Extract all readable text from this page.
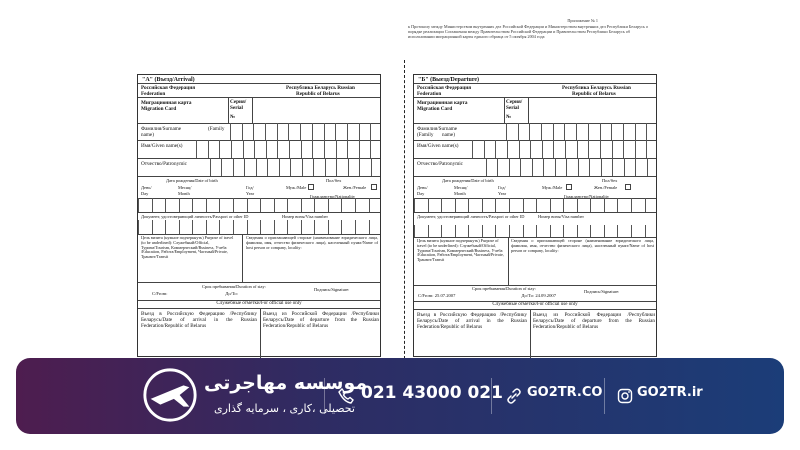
Приложение № 1
к Протоколу между Министерством внутренних дел Российской Федерации и Министерством внутренних дел Республики Беларусь о порядке реализации Соглашения между Правительством Российской Федерации и Правительством Республики Беларусь об использовании миграционной карты единого образца от 5 октября 2004 года
"А" (Въезд/Arrival)
Российская Федерация
Federation
Республика Беларусь Russian
Republic of Belarus
Миграционная карта
Migration Card
Серия/
Serial
№
Фамилия/Surname	(Family
name)
Имя/Given name(s)
Отчество/Patronymic
Дата рождения/Date of birth
День/
Day
Месяц/
Month
Год/
Year
Пол/Sex
Муж./Male	Жен./Female
Гражданство/Nationality
Документ, удостоверяющий личность/Passport or other ID	Номер визы/Visa number
Цель визита (нужное подчеркнуть) Purpose of travel (to be underlined): Служебный/Official, Туризм/Tourism, Коммерческий/Business, Учеба /Education, Работа/Employment, Частный/Private, Транзит/Transit
Сведения о приглашающей стороне (наименование юридического лица, фамилия, имя, отчество физического лица), населенный пункт/Name of host person or company, locality:
Срок пребывания/Duration of stay:
Подпись/Signature:
С/From:	До/To:
Служебные отметки/For official use only
Въезд в Российскую Федерацию /Республику Беларусь/Date of arrival in the Russian Federation/Republic of Belarus
Выезд из Российской Федерации /Республики Беларусь/Date of departure from the Russian Federation/Republic of Belarus
"Б" (Выезд/Departure)
Российская Федерация
Federation
Республика Беларусь Russian
Republic of Belarus
Миграционная карта
Migration Card
Серия/
Serial
№
Фамилия/Surname
(Family name)
Имя/Given name(s)
Отчество/Patronymic
Дата рождения/Date of birth
День/
Day
Месяц/
Month
Год/
Year
Пол/Sex
Муж./Male	Жен./Female
Гражданство/Nationality
Документ, удостоверяющий личность/Passport or other ID	Номер визы/Visa number
Цель визита (нужное подчеркнуть) Purpose of travel (to be underlined): Служебный/Official, Туризм/Tourism, Коммерческий/Business, Учеба /Education, Работа/Employment, Частный/Private, Транзит/Transit
Сведения о приглашающей стороне (наименование юридического лица, фамилия, имя, отчество физического лица), населенный пункт/Name of host person or company, locality:
Срок пребывания/Duration of stay:
Подпись/Signature:
С/From: 25.07.2007	До/To: 24.09.2007
Служебные отметки/For official use only
Въезд в Российскую Федерацию /Республику Беларусь/Date of arrival in the Russian Federation/Republic of Belarus
Выезд из Российской Федерации /Республики Беларусь/Date of departure from the Russian Federation/Republic of Belarus
موسسه مهاجرتی
تحصیلی ،کاری ، سرمایه گذاری
021 43000 021 GO2TR.CO	GO2TR.ir
